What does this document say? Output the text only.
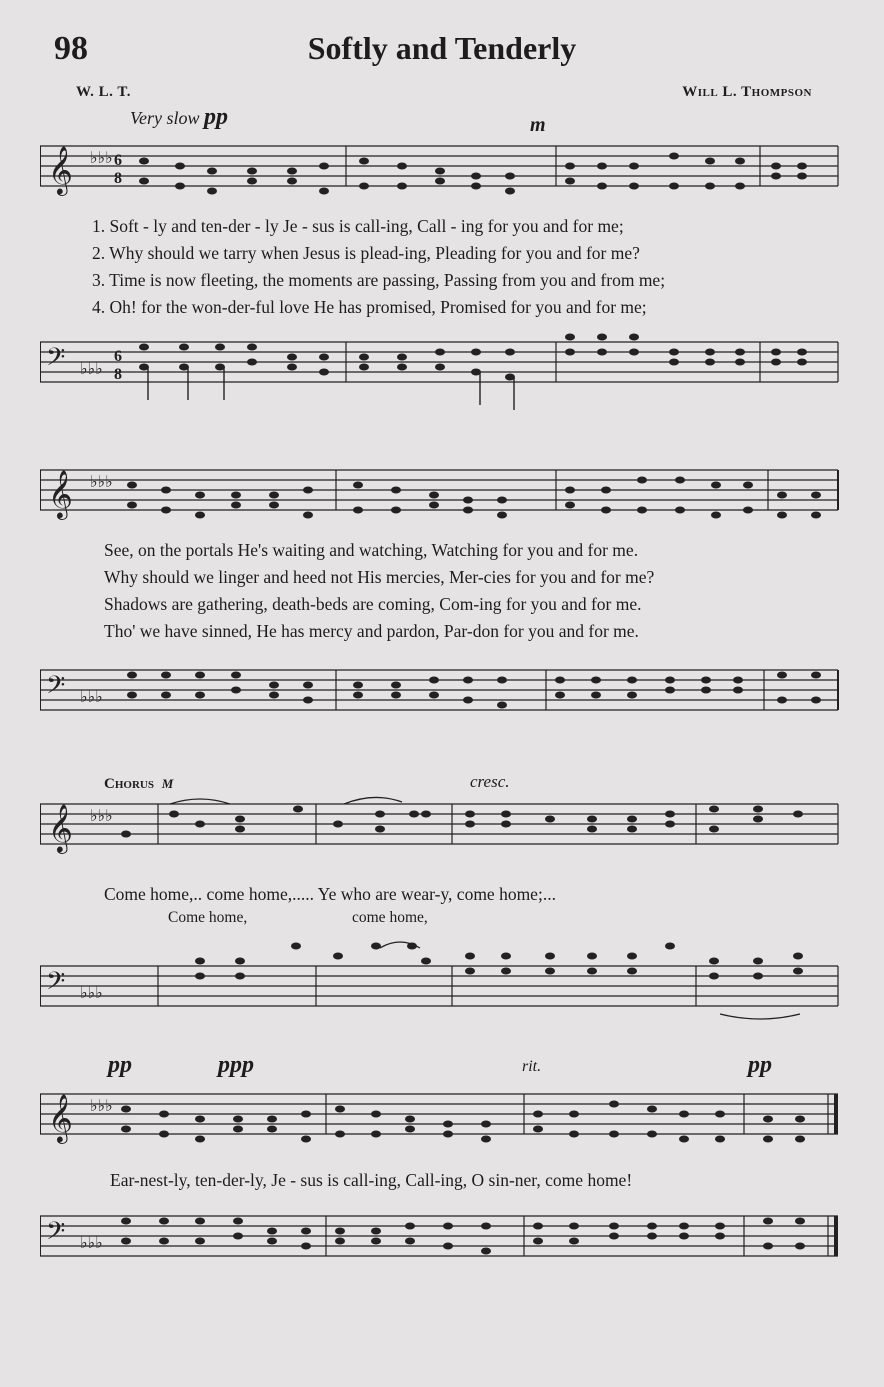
98	Softly and Tenderly
W. L. T.	Will L. Thompson
Very slow pp	m
𝄞 ♭♭♭ 6
8
1. Soft - ly and ten-der - ly Je - sus is call-ing, Call - ing for you and for me;
2. Why should we tarry when Jesus is plead-ing, Pleading for you and for me?
3. Time is now fleeting, the moments are passing, Passing from you and from me;
4. Oh! for the won-der-ful love He has promised, Promised for you and for me;
𝄢 ♭♭♭
6
8
𝄞 ♭♭♭
See, on the portals He's waiting and watching, Watching for you and for me.
Why should we linger and heed not His mercies, Mer-cies for you and for me?
Shadows are gathering, death-beds are coming, Com-ing for you and for me.
Tho' we have sinned, He has mercy and pardon, Par-don for you and for me.
𝄢 ♭♭♭
Chorus m	cresc.
𝄞 ♭♭♭
Come home,.. come home,..... Ye who are wear-y, come home;...
Come home,	come home,
𝄢 ♭♭♭
pp	ppp	rit.	pp
𝄞 ♭♭♭
Ear-nest-ly, ten-der-ly, Je - sus is call-ing, Call-ing, O sin-ner, come home!
𝄢 ♭♭♭
